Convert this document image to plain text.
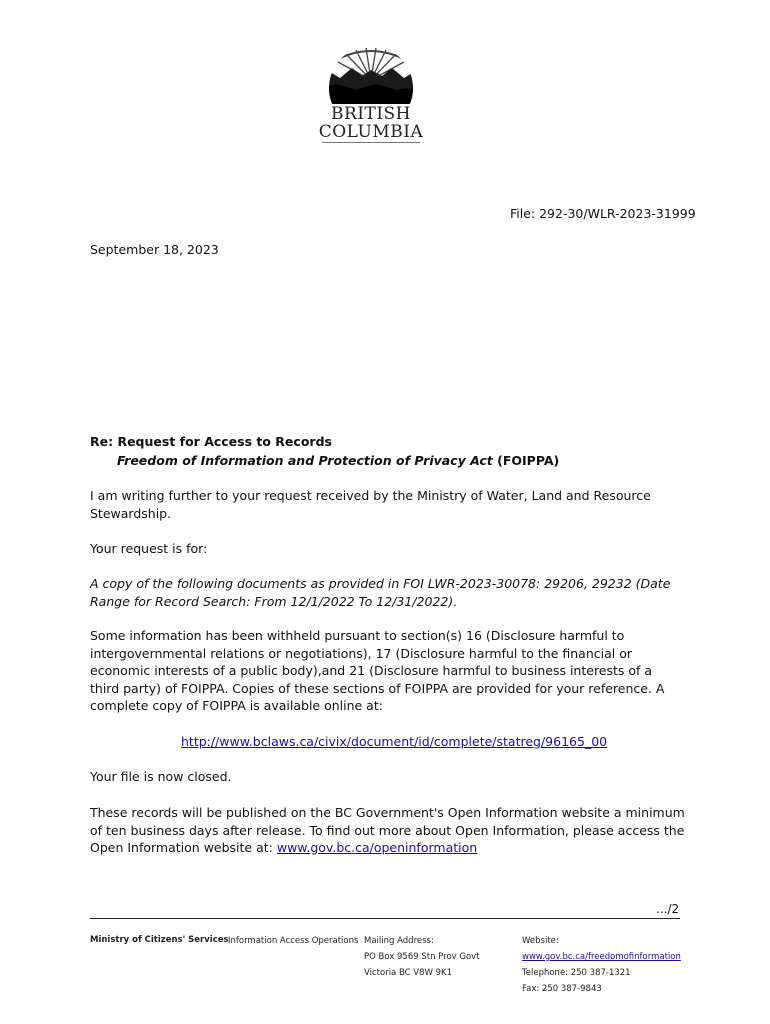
BRITISH
COLUMBIA
File: 292-30/WLR-2023-31999
September 18, 2023
Re: Request for Access to Records
Freedom of Information and Protection of Privacy Act (FOIPPA)
I am writing further to your request received by the Ministry of Water, Land and Resource Stewardship.
Your request is for:
A copy of the following documents as provided in FOI LWR-2023-30078: 29206, 29232 (Date Range for Record Search: From 12/1/2022 To 12/31/2022).
Some information has been withheld pursuant to section(s) 16 (Disclosure harmful to intergovernmental relations or negotiations), 17 (Disclosure harmful to the financial or economic interests of a public body),and 21 (Disclosure harmful to business interests of a third party) of FOIPPA. Copies of these sections of FOIPPA are provided for your reference. A complete copy of FOIPPA is available online at:
http://www.bclaws.ca/civix/document/id/complete/statreg/96165_00
Your file is now closed.
These records will be published on the BC Government's Open Information website a minimum of ten business days after release. To find out more about Open Information, please access the Open Information website at: www.gov.bc.ca/openinformation
.../2
Ministry of Citizens' Services Information Access Operations Mailing Address:
PO Box 9569 Stn Prov Govt
Victoria BC V8W 9K1
Website:
www.gov.bc.ca/freedomofinformation
Telephone: 250 387-1321
Fax: 250 387-9843
